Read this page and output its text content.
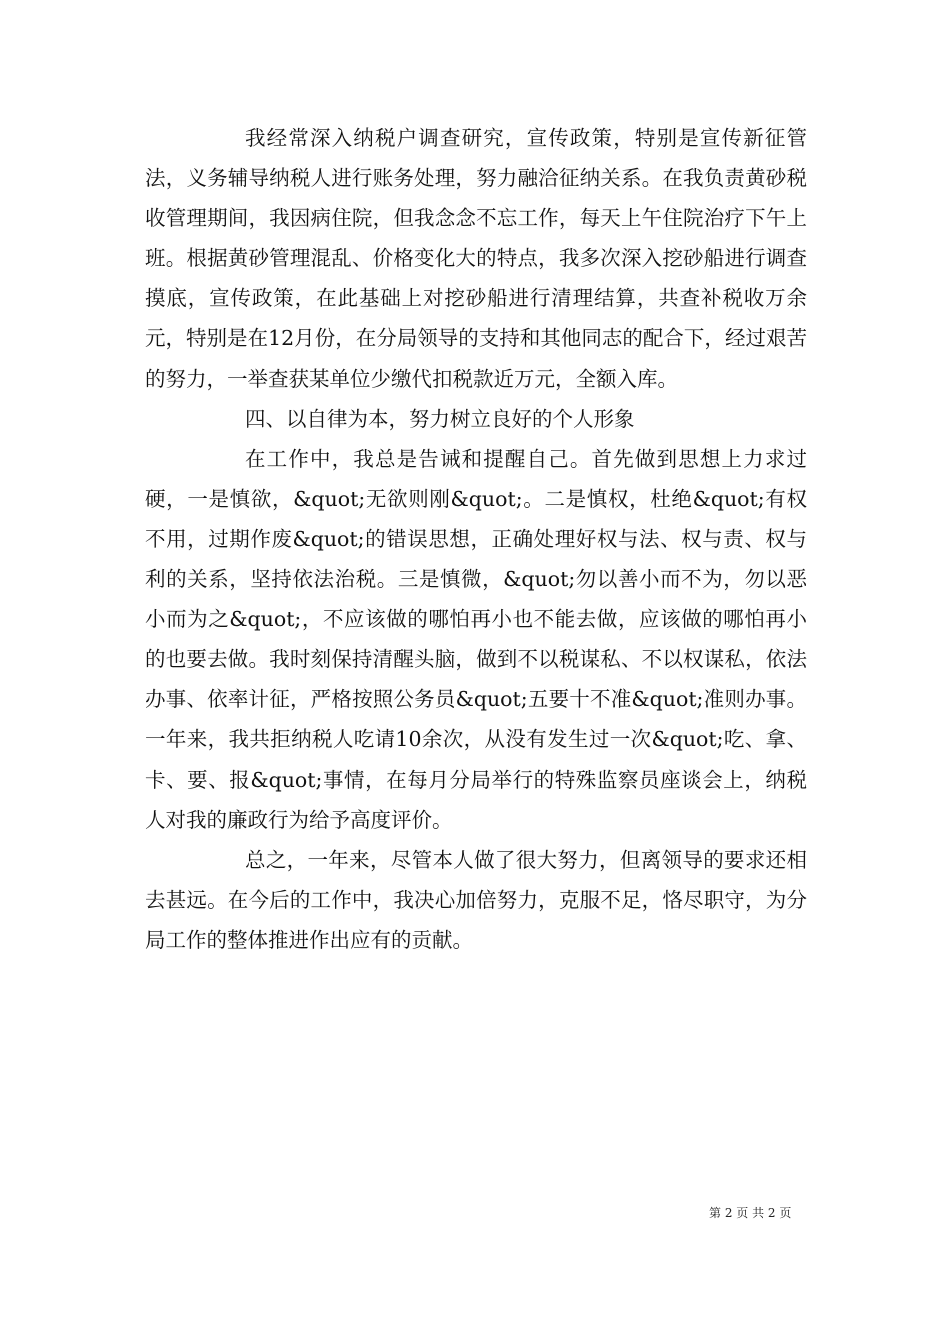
我经常深入纳税户调查研究，宣传政策，特别是宣传新征管法，义务辅导纳税人进行账务处理，努力融洽征纳关系。在我负责黄砂税收管理期间，我因病住院，但我念念不忘工作，每天上午住院治疗下午上班。根据黄砂管理混乱、价格变化大的特点，我多次深入挖砂船进行调查摸底，宣传政策，在此基础上对挖砂船进行清理结算，共查补税收万余元，特别是在12月份，在分局领导的支持和其他同志的配合下，经过艰苦的努力，一举查获某单位少缴代扣税款近万元，全额入库。

四、以自律为本，努力树立良好的个人形象

在工作中，我总是告诫和提醒自己。首先做到思想上力求过硬，一是慎欲，&quot;无欲则刚&quot;。二是慎权，杜绝&quot;有权不用，过期作废&quot;的错误思想，正确处理好权与法、权与责、权与利的关系，坚持依法治税。三是慎微，&quot;勿以善小而不为，勿以恶小而为之&quot;，不应该做的哪怕再小也不能去做，应该做的哪怕再小的也要去做。我时刻保持清醒头脑，做到不以税谋私、不以权谋私，依法办事、依率计征，严格按照公务员&quot;五要十不准&quot;准则办事。一年来，我共拒纳税人吃请10余次，从没有发生过一次&quot;吃、拿、卡、要、报&quot;事情，在每月分局举行的特殊监察员座谈会上，纳税人对我的廉政行为给予高度评价。

总之，一年来，尽管本人做了很大努力，但离领导的要求还相去甚远。在今后的工作中，我决心加倍努力，克服不足，恪尽职守，为分局工作的整体推进作出应有的贡献。

第 2 页 共 2 页
